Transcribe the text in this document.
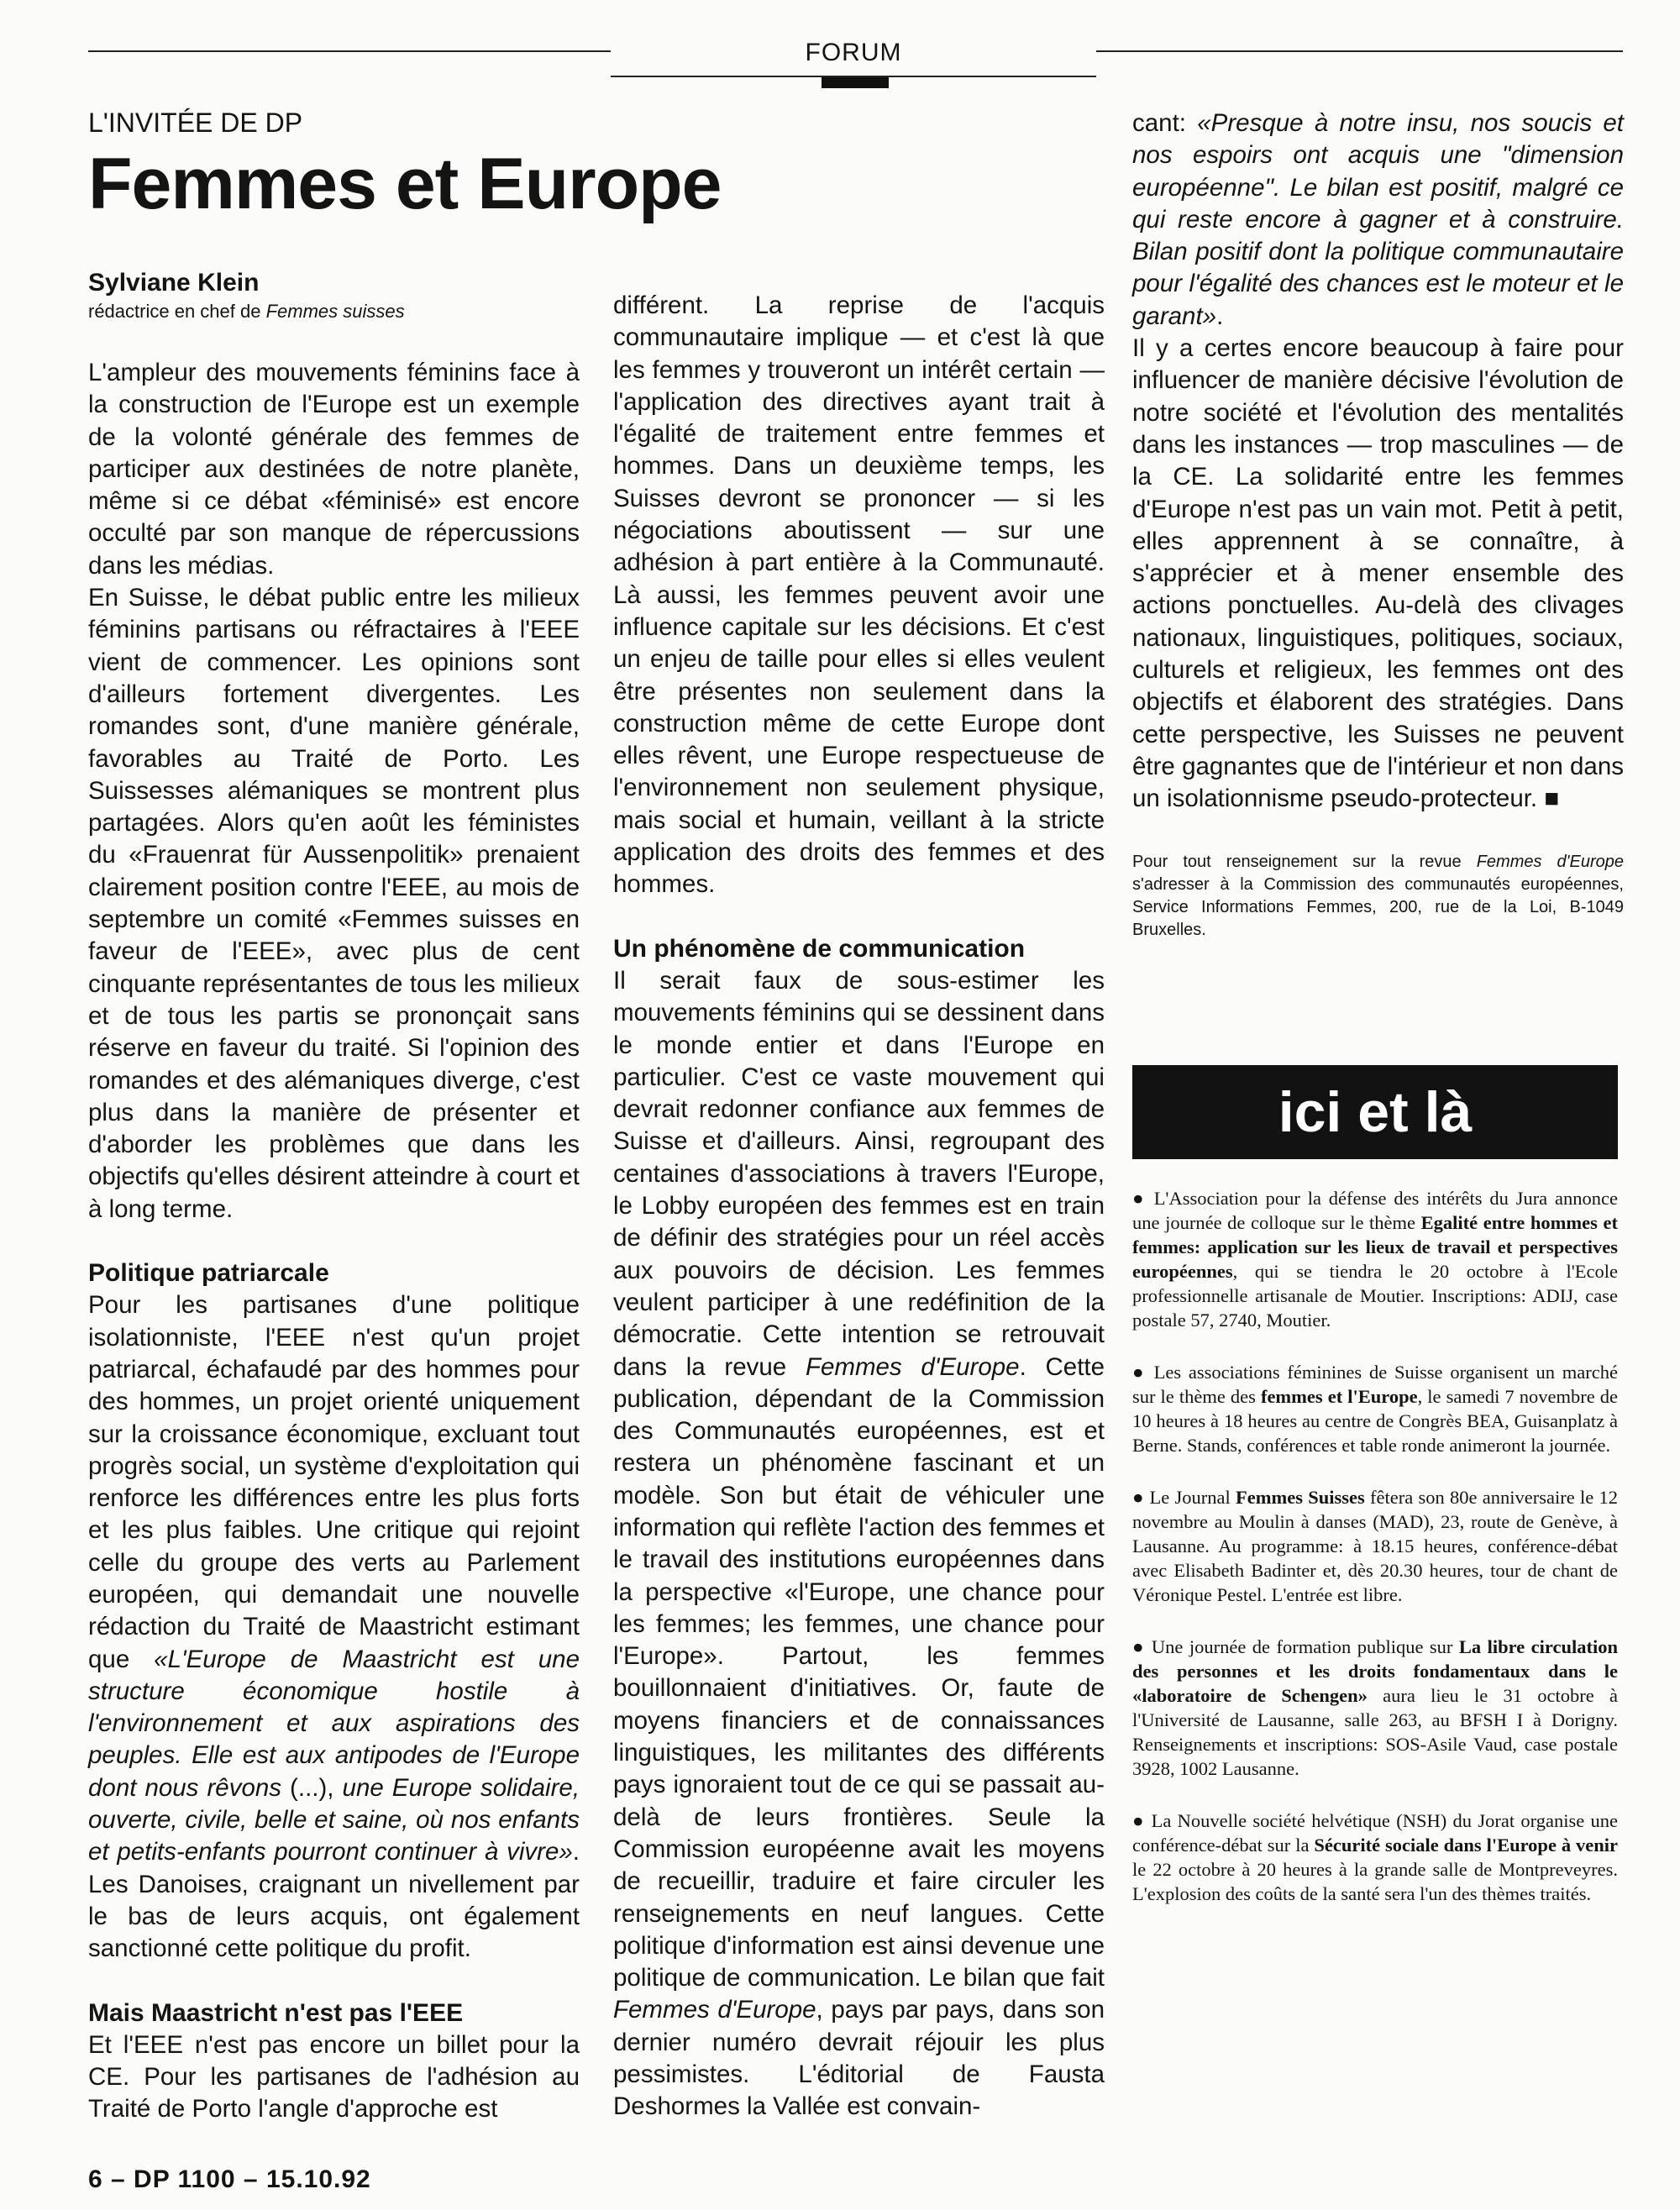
FORUM
L'INVITÉE DE DP
Femmes et Europe
Sylviane Klein
rédactrice en chef de Femmes suisses

L'ampleur des mouvements féminins face à la construction de l'Europe est un exemple de la volonté générale des femmes de participer aux destinées de notre planète, même si ce débat «féminisé» est encore occulté par son manque de répercussions dans les médias.

En Suisse, le débat public entre les milieux féminins partisans ou réfractaires à l'EEE vient de commencer. Les opinions sont d'ailleurs fortement divergentes. Les romandes sont, d'une manière générale, favorables au Traité de Porto. Les Suissesses alémaniques se montrent plus partagées. Alors qu'en août les féministes du «Frauenrat für Aussenpolitik» prenaient clairement position contre l'EEE, au mois de septembre un comité «Femmes suisses en faveur de l'EEE», avec plus de cent cinquante représentantes de tous les milieux et de tous les partis se prononçait sans réserve en faveur du traité. Si l'opinion des romandes et des alémaniques diverge, c'est plus dans la manière de présenter et d'aborder les problèmes que dans les objectifs qu'elles désirent atteindre à court et à long terme.

Politique patriarcale

Pour les partisanes d'une politique isolationniste, l'EEE n'est qu'un projet patriarcal, échafaudé par des hommes pour des hommes, un projet orienté uniquement sur la croissance économique, excluant tout progrès social, un système d'exploitation qui renforce les différences entre les plus forts et les plus faibles. Une critique qui rejoint celle du groupe des verts au Parlement européen, qui demandait une nouvelle rédaction du Traité de Maastricht estimant que «L'Europe de Maastricht est une structure économique hostile à l'environnement et aux aspirations des peuples. Elle est aux antipodes de l'Europe dont nous rêvons (...), une Europe solidaire, ouverte, civile, belle et saine, où nos enfants et petits-enfants pourront continuer à vivre». Les Danoises, craignant un nivellement par le bas de leurs acquis, ont également sanctionné cette politique du profit.

Mais Maastricht n'est pas l'EEE

Et l'EEE n'est pas encore un billet pour la CE. Pour les partisanes de l'adhésion au Traité de Porto l'angle d'approche est

différent. La reprise de l'acquis communautaire implique — et c'est là que les femmes y trouveront un intérêt certain — l'application des directives ayant trait à l'égalité de traitement entre femmes et hommes. Dans un deuxième temps, les Suisses devront se prononcer — si les négociations aboutissent — sur une adhésion à part entière à la Communauté. Là aussi, les femmes peuvent avoir une influence capitale sur les décisions. Et c'est un enjeu de taille pour elles si elles veulent être présentes non seulement dans la construction même de cette Europe dont elles rêvent, une Europe respectueuse de l'environnement non seulement physique, mais social et humain, veillant à la stricte application des droits des femmes et des hommes.

Un phénomène de communication

Il serait faux de sous-estimer les mouvements féminins qui se dessinent dans le monde entier et dans l'Europe en particulier. C'est ce vaste mouvement qui devrait redonner confiance aux femmes de Suisse et d'ailleurs. Ainsi, regroupant des centaines d'associations à travers l'Europe, le Lobby européen des femmes est en train de définir des stratégies pour un réel accès aux pouvoirs de décision. Les femmes veulent participer à une redéfinition de la démocratie. Cette intention se retrouvait dans la revue Femmes d'Europe. Cette publication, dépendant de la Commission des Communautés européennes, est et restera un phénomène fascinant et un modèle. Son but était de véhiculer une information qui reflète l'action des femmes et le travail des institutions européennes dans la perspective «l'Europe, une chance pour les femmes; les femmes, une chance pour l'Europe». Partout, les femmes bouillonnaient d'initiatives. Or, faute de moyens financiers et de connaissances linguistiques, les militantes des différents pays ignoraient tout de ce qui se passait au-delà de leurs frontières. Seule la Commission européenne avait les moyens de recueillir, traduire et faire circuler les renseignements en neuf langues. Cette politique d'information est ainsi devenue une politique de communication. Le bilan que fait Femmes d'Europe, pays par pays, dans son dernier numéro devrait réjouir les plus pessimistes. L'éditorial de Fausta Deshormes la Vallée est convain-

cant: «Presque à notre insu, nos soucis et nos espoirs ont acquis une "dimension européenne". Le bilan est positif, malgré ce qui reste encore à gagner et à construire. Bilan positif dont la politique communautaire pour l'égalité des chances est le moteur et le garant».

Il y a certes encore beaucoup à faire pour influencer de manière décisive l'évolution de notre société et l'évolution des mentalités dans les instances — trop masculines — de la CE. La solidarité entre les femmes d'Europe n'est pas un vain mot. Petit à petit, elles apprennent à se connaître, à s'apprécier et à mener ensemble des actions ponctuelles. Au-delà des clivages nationaux, linguistiques, politiques, sociaux, culturels et religieux, les femmes ont des objectifs et élaborent des stratégies. Dans cette perspective, les Suisses ne peuvent être gagnantes que de l'intérieur et non dans un isolationnisme pseudo-protecteur. ■

Pour tout renseignement sur la revue Femmes d'Europe s'adresser à la Commission des communautés européennes, Service Informations Femmes, 200, rue de la Loi, B-1049 Bruxelles.

ici et là

● L'Association pour la défense des intérêts du Jura annonce une journée de colloque sur le thème Egalité entre hommes et femmes: application sur les lieux de travail et perspectives européennes, qui se tiendra le 20 octobre à l'Ecole professionnelle artisanale de Moutier. Inscriptions: ADIJ, case postale 57, 2740, Moutier.

● Les associations féminines de Suisse organisent un marché sur le thème des femmes et l'Europe, le samedi 7 novembre de 10 heures à 18 heures au centre de Congrès BEA, Guisanplatz à Berne. Stands, conférences et table ronde animeront la journée.

● Le Journal Femmes Suisses fêtera son 80e anniversaire le 12 novembre au Moulin à danses (MAD), 23, route de Genève, à Lausanne. Au programme: à 18.15 heures, conférence-débat avec Elisabeth Badinter et, dès 20.30 heures, tour de chant de Véronique Pestel. L'entrée est libre.

● Une journée de formation publique sur La libre circulation des personnes et les droits fondamentaux dans le «laboratoire de Schengen» aura lieu le 31 octobre à l'Université de Lausanne, salle 263, au BFSH I à Dorigny. Renseignements et inscriptions: SOS-Asile Vaud, case postale 3928, 1002 Lausanne.

● La Nouvelle société helvétique (NSH) du Jorat organise une conférence-débat sur la Sécurité sociale dans l'Europe à venir le 22 octobre à 20 heures à la grande salle de Montpreveyres. L'explosion des coûts de la santé sera l'un des thèmes traités.

6 – DP 1100 – 15.10.92
